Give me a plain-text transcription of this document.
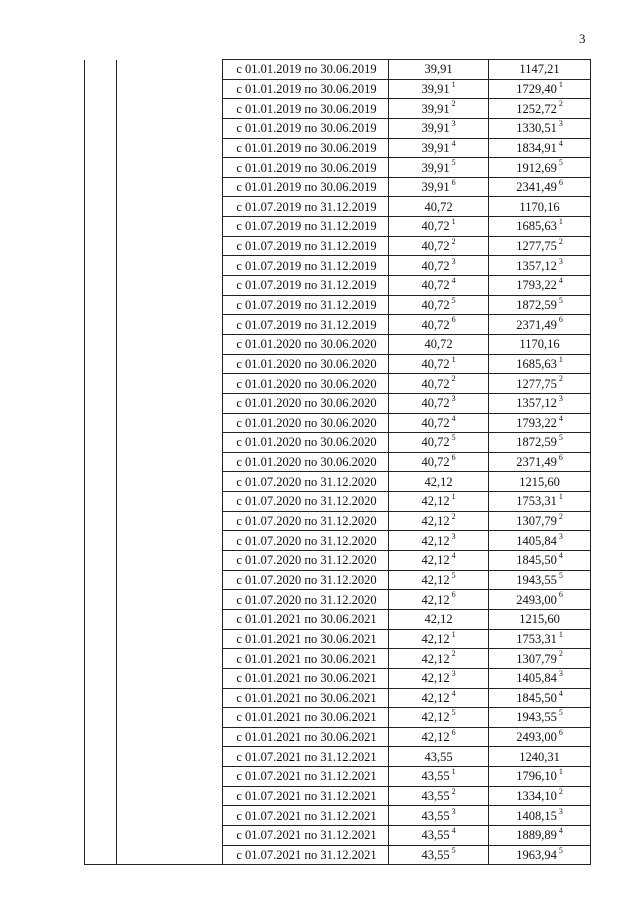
3
		с 01.01.2019 по 30.06.2019	39,91	1147,21
		с 01.01.2019 по 30.06.2019	39,91 $^1$	1729,40 $^1$
		с 01.01.2019 по 30.06.2019	39,91 $^2$	1252,72 $^2$
		с 01.01.2019 по 30.06.2019	39,91 $^3$	1330,51 $^3$
		с 01.01.2019 по 30.06.2019	39,91 $^4$	1834,91 $^4$
		с 01.01.2019 по 30.06.2019	39,91 $^5$	1912,69 $^5$
		с 01.01.2019 по 30.06.2019	39,91 $^6$	2341,49 $^6$
		с 01.07.2019 по 31.12.2019	40,72	1170,16
		с 01.07.2019 по 31.12.2019	40,72 $^1$	1685,63 $^1$
		с 01.07.2019 по 31.12.2019	40,72 $^2$	1277,75 $^2$
		с 01.07.2019 по 31.12.2019	40,72 $^3$	1357,12 $^3$
		с 01.07.2019 по 31.12.2019	40,72 $^4$	1793,22 $^4$
		с 01.07.2019 по 31.12.2019	40,72 $^5$	1872,59 $^5$
		с 01.07.2019 по 31.12.2019	40,72 $^6$	2371,49 $^6$
		с 01.01.2020 по 30.06.2020	40,72	1170,16
		с 01.01.2020 по 30.06.2020	40,72 $^1$	1685,63 $^1$
		с 01.01.2020 по 30.06.2020	40,72 $^2$	1277,75 $^2$
		с 01.01.2020 по 30.06.2020	40,72 $^3$	1357,12 $^3$
		с 01.01.2020 по 30.06.2020	40,72 $^4$	1793,22 $^4$
		с 01.01.2020 по 30.06.2020	40,72 $^5$	1872,59 $^5$
		с 01.01.2020 по 30.06.2020	40,72 $^6$	2371,49 $^6$
		с 01.07.2020 по 31.12.2020	42,12	1215,60
		с 01.07.2020 по 31.12.2020	42,12 $^1$	1753,31 $^1$
		с 01.07.2020 по 31.12.2020	42,12 $^2$	1307,79 $^2$
		с 01.07.2020 по 31.12.2020	42,12 $^3$	1405,84 $^3$
		с 01.07.2020 по 31.12.2020	42,12 $^4$	1845,50 $^4$
		с 01.07.2020 по 31.12.2020	42,12 $^5$	1943,55 $^5$
		с 01.07.2020 по 31.12.2020	42,12 $^6$	2493,00 $^6$
		с 01.01.2021 по 30.06.2021	42,12	1215,60
		с 01.01.2021 по 30.06.2021	42,12 $^1$	1753,31 $^1$
		с 01.01.2021 по 30.06.2021	42,12 $^2$	1307,79 $^2$
		с 01.01.2021 по 30.06.2021	42,12 $^3$	1405,84 $^3$
		с 01.01.2021 по 30.06.2021	42,12 $^4$	1845,50 $^4$
		с 01.01.2021 по 30.06.2021	42,12 $^5$	1943,55 $^5$
		с 01.01.2021 по 30.06.2021	42,12 $^6$	2493,00 $^6$
		с 01.07.2021 по 31.12.2021	43,55	1240,31
		с 01.07.2021 по 31.12.2021	43,55 $^1$	1796,10 $^1$
		с 01.07.2021 по 31.12.2021	43,55 $^2$	1334,10 $^2$
		с 01.07.2021 по 31.12.2021	43,55 $^3$	1408,15 $^3$
		с 01.07.2021 по 31.12.2021	43,55 $^4$	1889,89 $^4$
		с 01.07.2021 по 31.12.2021	43,55 $^5$	1963,94 $^5$
